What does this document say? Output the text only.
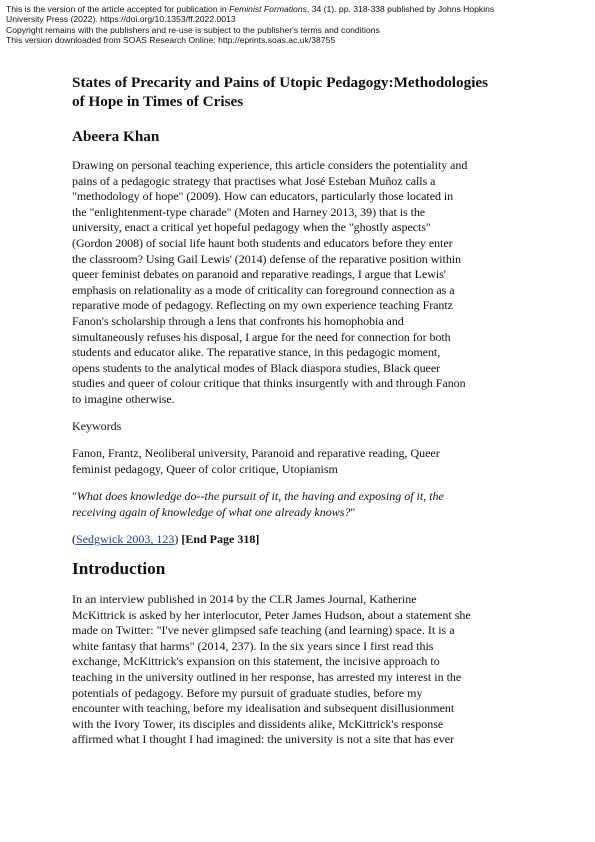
This is the version of the article accepted for publication in Feminist Formations, 34 (1). pp. 318-338 published by Johns Hopkins
University Press (2022). https://doi.org/10.1353/ff.2022.0013
Copyright remains with the publishers and re-use is subject to the publisher's terms and conditions
This version downloaded from SOAS Research Online: http://eprints.soas.ac.uk/38755
States of Precarity and Pains of Utopic Pedagogy:Methodologies
of Hope in Times of Crises
Abeera Khan

Drawing on personal teaching experience, this article considers the potentiality and
pains of a pedagogic strategy that practises what José Esteban Muñoz calls a
"methodology of hope" (2009). How can educators, particularly those located in
the "enlightenment-type charade" (Moten and Harney 2013, 39) that is the
university, enact a critical yet hopeful pedagogy when the "ghostly aspects"
(Gordon 2008) of social life haunt both students and educators before they enter
the classroom? Using Gail Lewis' (2014) defense of the reparative position within
queer feminist debates on paranoid and reparative readings, I argue that Lewis'
emphasis on relationality as a mode of criticality can foreground connection as a
reparative mode of pedagogy. Reflecting on my own experience teaching Frantz
Fanon's scholarship through a lens that confronts his homophobia and
simultaneously refuses his disposal, I argue for the need for connection for both
students and educator alike. The reparative stance, in this pedagogic moment,
opens students to the analytical modes of Black diaspora studies, Black queer
studies and queer of colour critique that thinks insurgently with and through Fanon
to imagine otherwise.

Keywords

Fanon, Frantz, Neoliberal university, Paranoid and reparative reading, Queer
feminist pedagogy, Queer of color critique, Utopianism

"What does knowledge do--the pursuit of it, the having and exposing of it, the
receiving again of knowledge of what one already knows?"

(Sedgwick 2003, 123) [End Page 318]

Introduction

In an interview published in 2014 by the CLR James Journal, Katherine
McKittrick is asked by her interlocutor, Peter James Hudson, about a statement she
made on Twitter: "I've never glimpsed safe teaching (and learning) space. It is a
white fantasy that harms" (2014, 237). In the six years since I first read this
exchange, McKittrick's expansion on this statement, the incisive approach to
teaching in the university outlined in her response, has arrested my interest in the
potentials of pedagogy. Before my pursuit of graduate studies, before my
encounter with teaching, before my idealisation and subsequent disillusionment
with the Ivory Tower, its disciples and dissidents alike, McKittrick's response
affirmed what I thought I had imagined: the university is not a site that has ever
